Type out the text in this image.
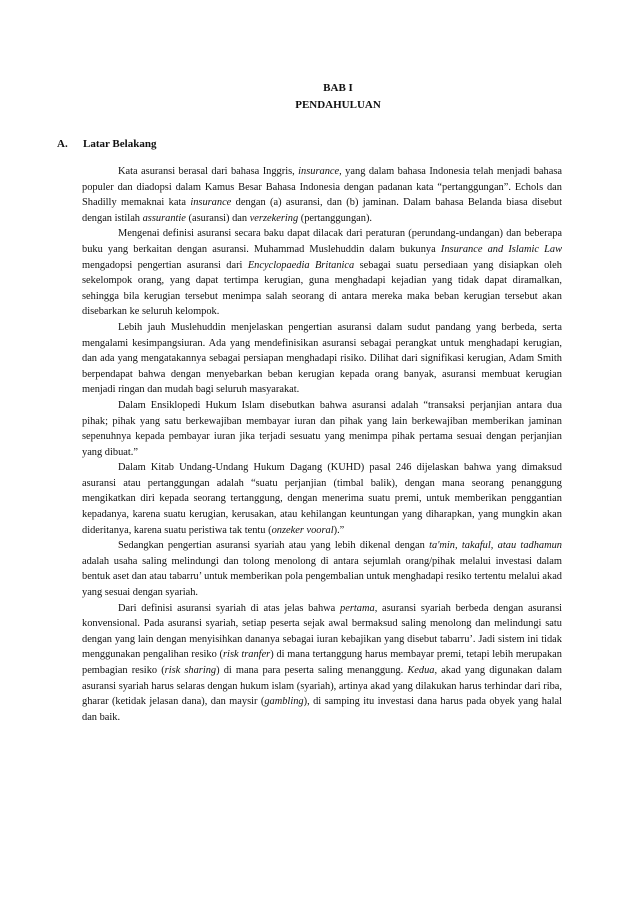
BAB I
PENDAHULUAN
A. Latar Belakang

Kata asuransi berasal dari bahasa Inggris, insurance, yang dalam bahasa Indonesia telah menjadi bahasa populer dan diadopsi dalam Kamus Besar Bahasa Indonesia dengan padanan kata “pertanggungan”. Echols dan Shadilly memaknai kata insurance dengan (a) asuransi, dan (b) jaminan. Dalam bahasa Belanda biasa disebut dengan istilah assurantie (asuransi) dan verzekering (pertanggungan).

Mengenai definisi asuransi secara baku dapat dilacak dari peraturan (perundang-undangan) dan beberapa buku yang berkaitan dengan asuransi. Muhammad Muslehuddin dalam bukunya Insurance and Islamic Law mengadopsi pengertian asuransi dari Encyclopaedia Britanica sebagai suatu persediaan yang disiapkan oleh sekelompok orang, yang dapat tertimpa kerugian, guna menghadapi kejadian yang tidak dapat diramalkan, sehingga bila kerugian tersebut menimpa salah seorang di antara mereka maka beban kerugian tersebut akan disebarkan ke seluruh kelompok.

Lebih jauh Muslehuddin menjelaskan pengertian asuransi dalam sudut pandang yang berbeda, serta mengalami kesimpangsiuran. Ada yang mendefinisikan asuransi sebagai perangkat untuk menghadapi kerugian, dan ada yang mengatakannya sebagai persiapan menghadapi risiko. Dilihat dari signifikasi kerugian, Adam Smith berpendapat bahwa dengan menyebarkan beban kerugian kepada orang banyak, asuransi membuat kerugian menjadi ringan dan mudah bagi seluruh masyarakat.

Dalam Ensiklopedi Hukum Islam disebutkan bahwa asuransi adalah “transaksi perjanjian antara dua pihak; pihak yang satu berkewajiban membayar iuran dan pihak yang lain berkewajiban memberikan jaminan sepenuhnya kepada pembayar iuran jika terjadi sesuatu yang menimpa pihak pertama sesuai dengan perjanjian yang dibuat.”

Dalam Kitab Undang-Undang Hukum Dagang (KUHD) pasal 246 dijelaskan bahwa yang dimaksud asuransi atau pertanggungan adalah “suatu perjanjian (timbal balik), dengan mana seorang penanggung mengikatkan diri kepada seorang tertanggung, dengan menerima suatu premi, untuk memberikan penggantian kepadanya, karena suatu kerugian, kerusakan, atau kehilangan keuntungan yang diharapkan, yang mungkin akan dideritanya, karena suatu peristiwa tak tentu (onzeker vooral).”

Sedangkan pengertian asuransi syariah atau yang lebih dikenal dengan ta'min, takaful, atau tadhamun adalah usaha saling melindungi dan tolong menolong di antara sejumlah orang/pihak melalui investasi dalam bentuk aset dan atau tabarru’ untuk memberikan pola pengembalian untuk menghadapi resiko tertentu melalui akad yang sesuai dengan syariah.

Dari definisi asuransi syariah di atas jelas bahwa pertama, asuransi syariah berbeda dengan asuransi konvensional. Pada asuransi syariah, setiap peserta sejak awal bermaksud saling menolong dan melindungi satu dengan yang lain dengan menyisihkan dananya sebagai iuran kebajikan yang disebut tabarru’. Jadi sistem ini tidak menggunakan pengalihan resiko (risk tranfer) di mana tertanggung harus membayar premi, tetapi lebih merupakan pembagian resiko (risk sharing) di mana para peserta saling menanggung. Kedua, akad yang digunakan dalam asuransi syariah harus selaras dengan hukum islam (syariah), artinya akad yang dilakukan harus terhindar dari riba, gharar (ketidak jelasan dana), dan maysir (gambling), di samping itu investasi dana harus pada obyek yang halal dan baik.
